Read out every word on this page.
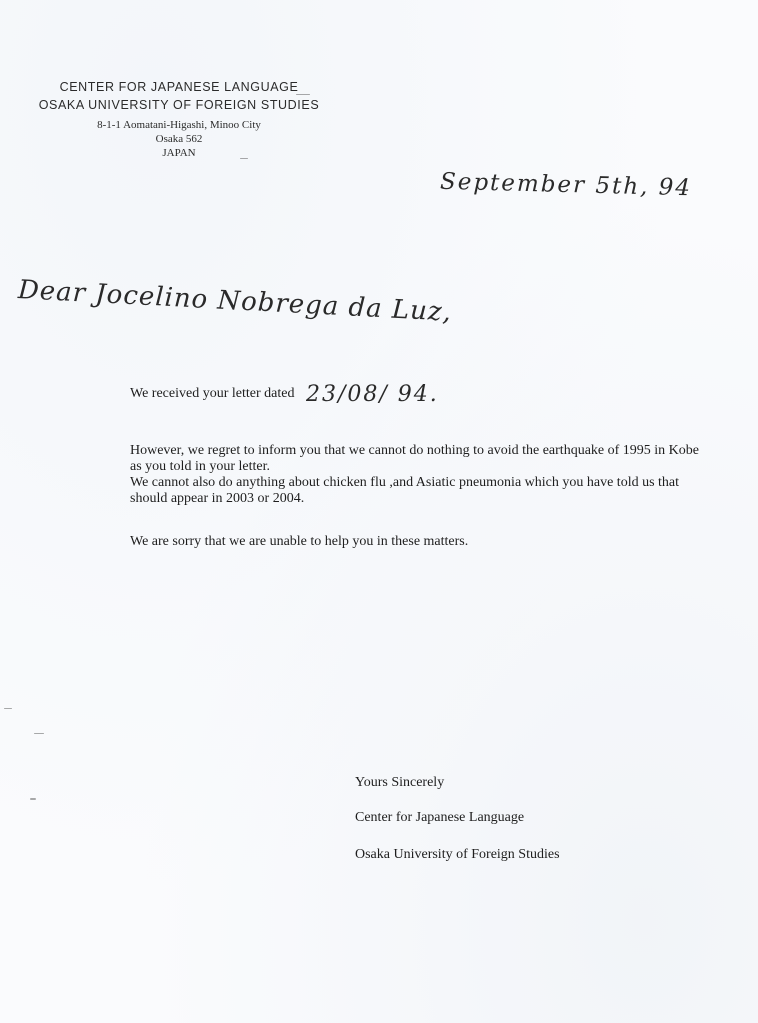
CENTER FOR JAPANESE LANGUAGE
OSAKA UNIVERSITY OF FOREIGN STUDIES
8-1-1 Aomatani-Higashi, Minoo City
Osaka 562
JAPAN
September 5th, 94
Dear Jocelino Nobrega da Luz,
We received your letter dated 23/08/ 94.
However, we regret to inform you that we cannot do nothing to avoid the earthquake of 1995 in Kobe as you told in your letter.
We cannot also do anything about chicken flu ,and Asiatic pneumonia which you have told us that should appear in 2003 or 2004.
We are sorry that we are unable to help you in these matters.
Yours Sincerely
Center for Japanese Language
Osaka University of Foreign Studies
